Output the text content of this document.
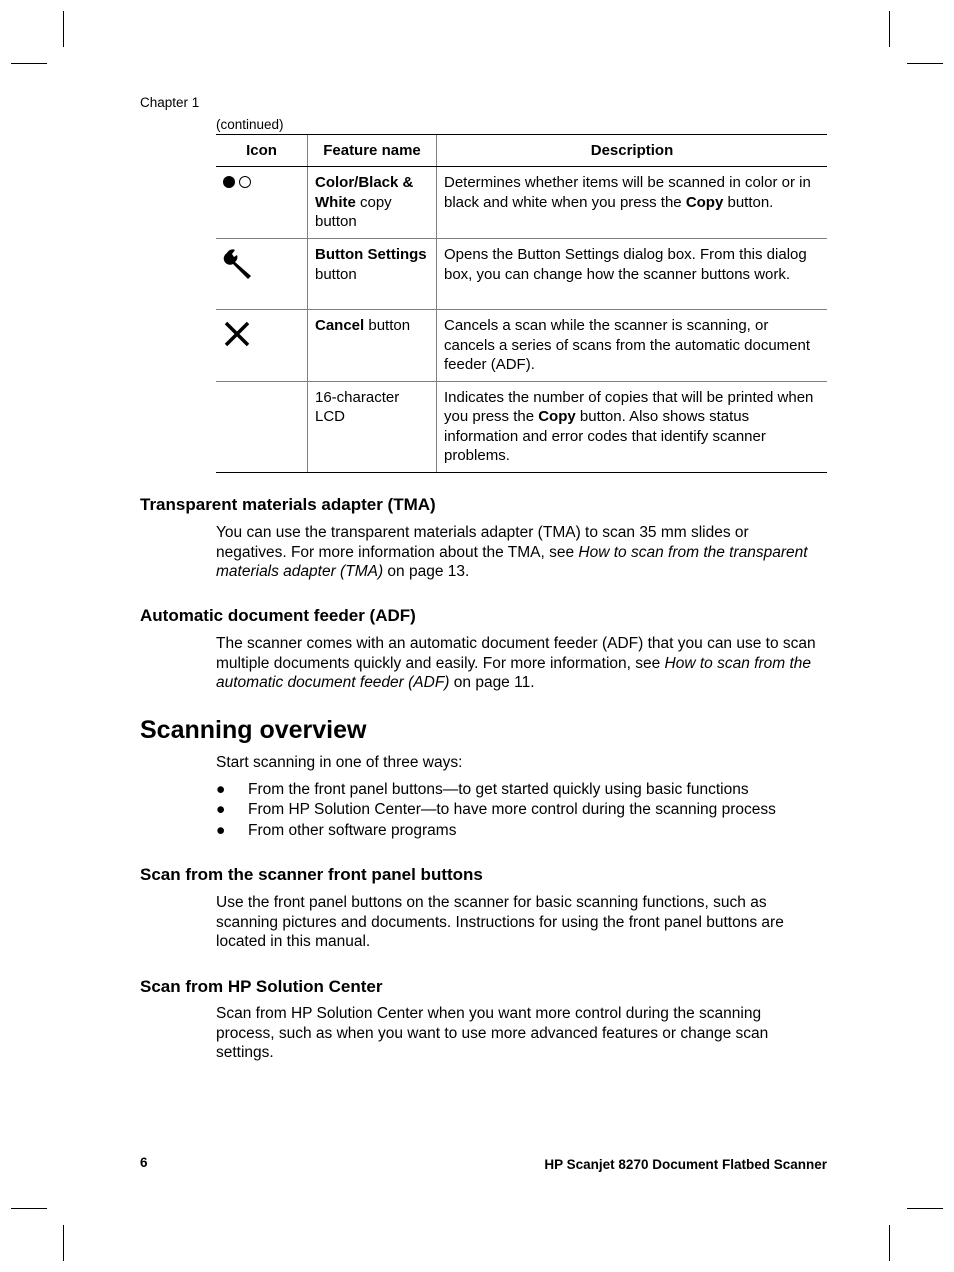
Chapter 1
(continued)
Icon	Feature name	Description

	Color/Black & White copy button	Determines whether items will be scanned in color or in black and white when you press the Copy button.
	Button Settings button	Opens the Button Settings dialog box. From this dialog box, you can change how the scanner buttons work.
	Cancel button	Cancels a scan while the scanner is scanning, or cancels a series of scans from the automatic document feeder (ADF).
	16-character LCD	Indicates the number of copies that will be printed when you press the Copy button. Also shows status information and error codes that identify scanner problems.
Transparent materials adapter (TMA)

You can use the transparent materials adapter (TMA) to scan 35 mm slides or negatives. For more information about the TMA, see How to scan from the transparent materials adapter (TMA) on page 13.

Automatic document feeder (ADF)

The scanner comes with an automatic document feeder (ADF) that you can use to scan multiple documents quickly and easily. For more information, see How to scan from the automatic document feeder (ADF) on page 11.

Scanning overview

Start scanning in one of three ways:

● From the front panel buttons—to get started quickly using basic functions
● From HP Solution Center—to have more control during the scanning process
● From other software programs
Scan from the scanner front panel buttons

Use the front panel buttons on the scanner for basic scanning functions, such as scanning pictures and documents. Instructions for using the front panel buttons are located in this manual.

Scan from HP Solution Center

Scan from HP Solution Center when you want more control during the scanning process, such as when you want to use more advanced features or change scan settings.

6	HP Scanjet 8270 Document Flatbed Scanner
